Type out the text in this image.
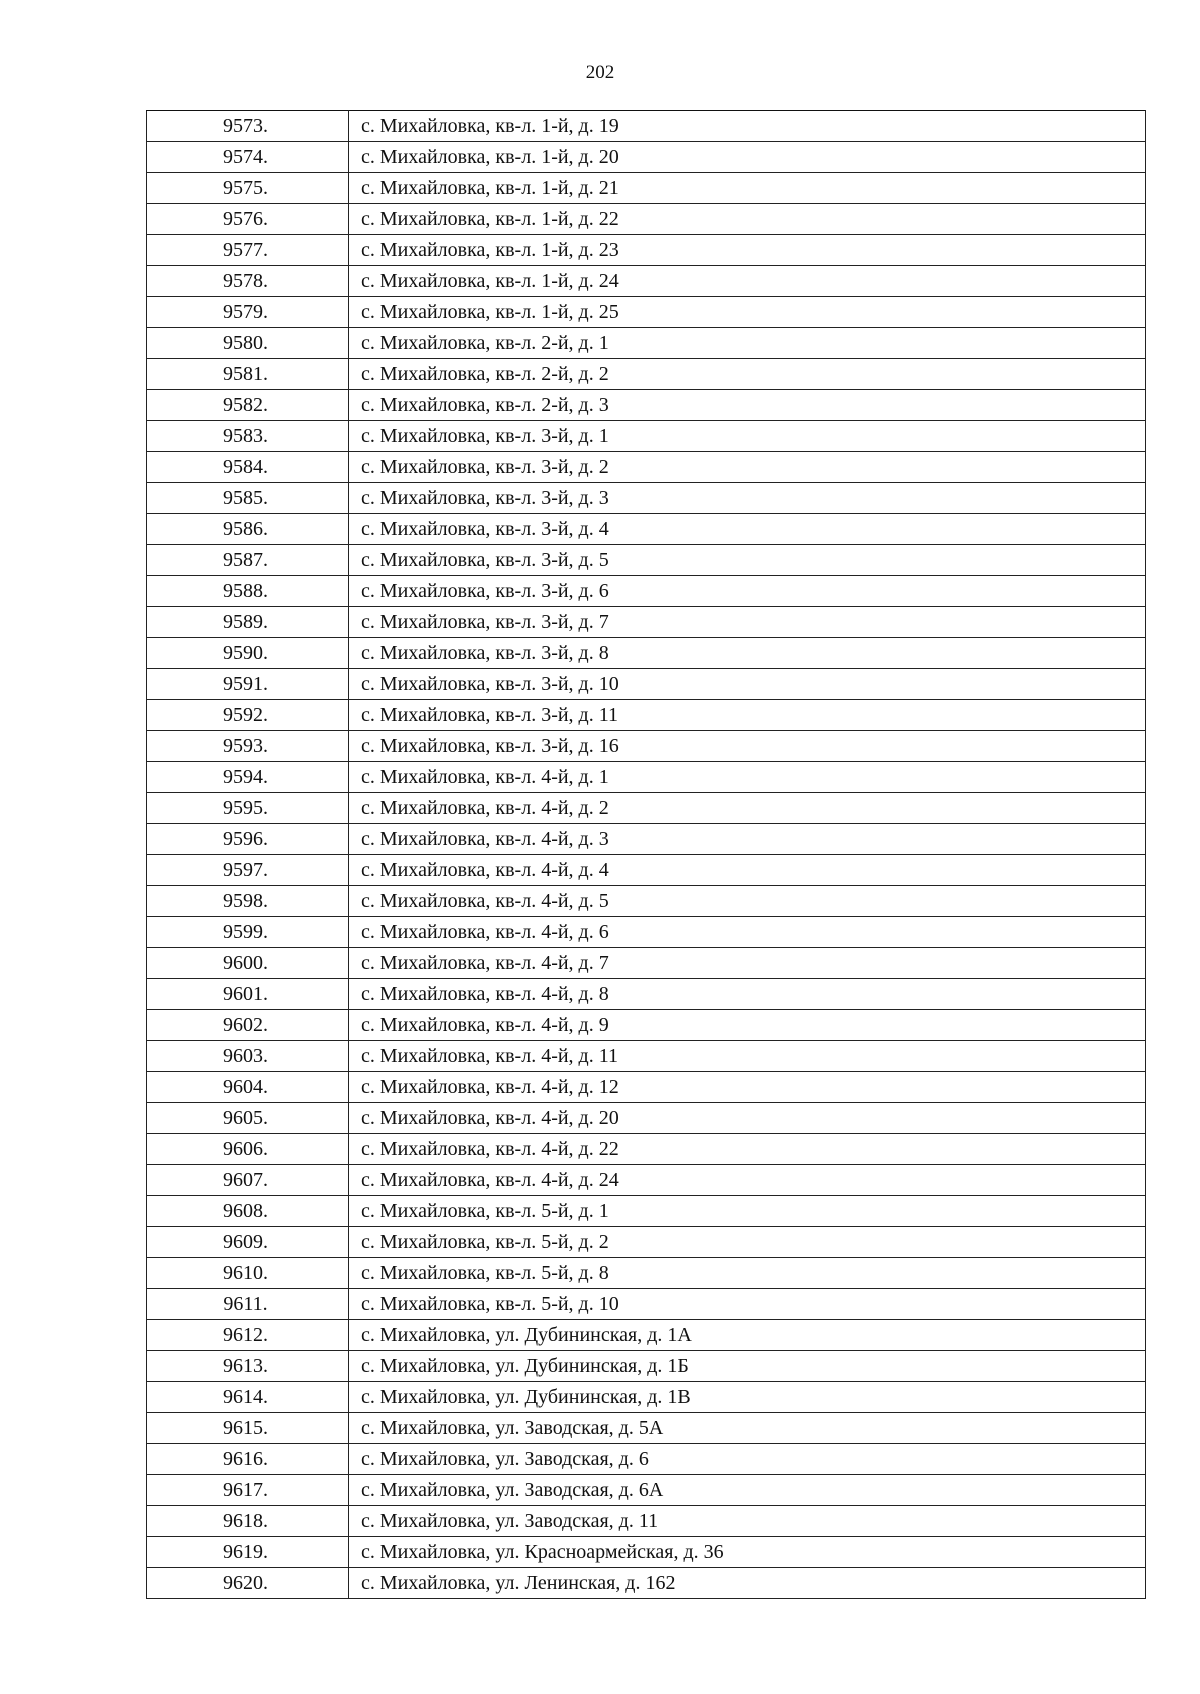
202
9573.	с. Михайловка, кв-л. 1-й, д. 19
9574.	с. Михайловка, кв-л. 1-й, д. 20
9575.	с. Михайловка, кв-л. 1-й, д. 21
9576.	с. Михайловка, кв-л. 1-й, д. 22
9577.	с. Михайловка, кв-л. 1-й, д. 23
9578.	с. Михайловка, кв-л. 1-й, д. 24
9579.	с. Михайловка, кв-л. 1-й, д. 25
9580.	с. Михайловка, кв-л. 2-й, д. 1
9581.	с. Михайловка, кв-л. 2-й, д. 2
9582.	с. Михайловка, кв-л. 2-й, д. 3
9583.	с. Михайловка, кв-л. 3-й, д. 1
9584.	с. Михайловка, кв-л. 3-й, д. 2
9585.	с. Михайловка, кв-л. 3-й, д. 3
9586.	с. Михайловка, кв-л. 3-й, д. 4
9587.	с. Михайловка, кв-л. 3-й, д. 5
9588.	с. Михайловка, кв-л. 3-й, д. 6
9589.	с. Михайловка, кв-л. 3-й, д. 7
9590.	с. Михайловка, кв-л. 3-й, д. 8
9591.	с. Михайловка, кв-л. 3-й, д. 10
9592.	с. Михайловка, кв-л. 3-й, д. 11
9593.	с. Михайловка, кв-л. 3-й, д. 16
9594.	с. Михайловка, кв-л. 4-й, д. 1
9595.	с. Михайловка, кв-л. 4-й, д. 2
9596.	с. Михайловка, кв-л. 4-й, д. 3
9597.	с. Михайловка, кв-л. 4-й, д. 4
9598.	с. Михайловка, кв-л. 4-й, д. 5
9599.	с. Михайловка, кв-л. 4-й, д. 6
9600.	с. Михайловка, кв-л. 4-й, д. 7
9601.	с. Михайловка, кв-л. 4-й, д. 8
9602.	с. Михайловка, кв-л. 4-й, д. 9
9603.	с. Михайловка, кв-л. 4-й, д. 11
9604.	с. Михайловка, кв-л. 4-й, д. 12
9605.	с. Михайловка, кв-л. 4-й, д. 20
9606.	с. Михайловка, кв-л. 4-й, д. 22
9607.	с. Михайловка, кв-л. 4-й, д. 24
9608.	с. Михайловка, кв-л. 5-й, д. 1
9609.	с. Михайловка, кв-л. 5-й, д. 2
9610.	с. Михайловка, кв-л. 5-й, д. 8
9611.	с. Михайловка, кв-л. 5-й, д. 10
9612.	с. Михайловка, ул. Дубининская, д. 1А
9613.	с. Михайловка, ул. Дубининская, д. 1Б
9614.	с. Михайловка, ул. Дубининская, д. 1В
9615.	с. Михайловка, ул. Заводская, д. 5А
9616.	с. Михайловка, ул. Заводская, д. 6
9617.	с. Михайловка, ул. Заводская, д. 6А
9618.	с. Михайловка, ул. Заводская, д. 11
9619.	с. Михайловка, ул. Красноармейская, д. 36
9620.	с. Михайловка, ул. Ленинская, д. 162
